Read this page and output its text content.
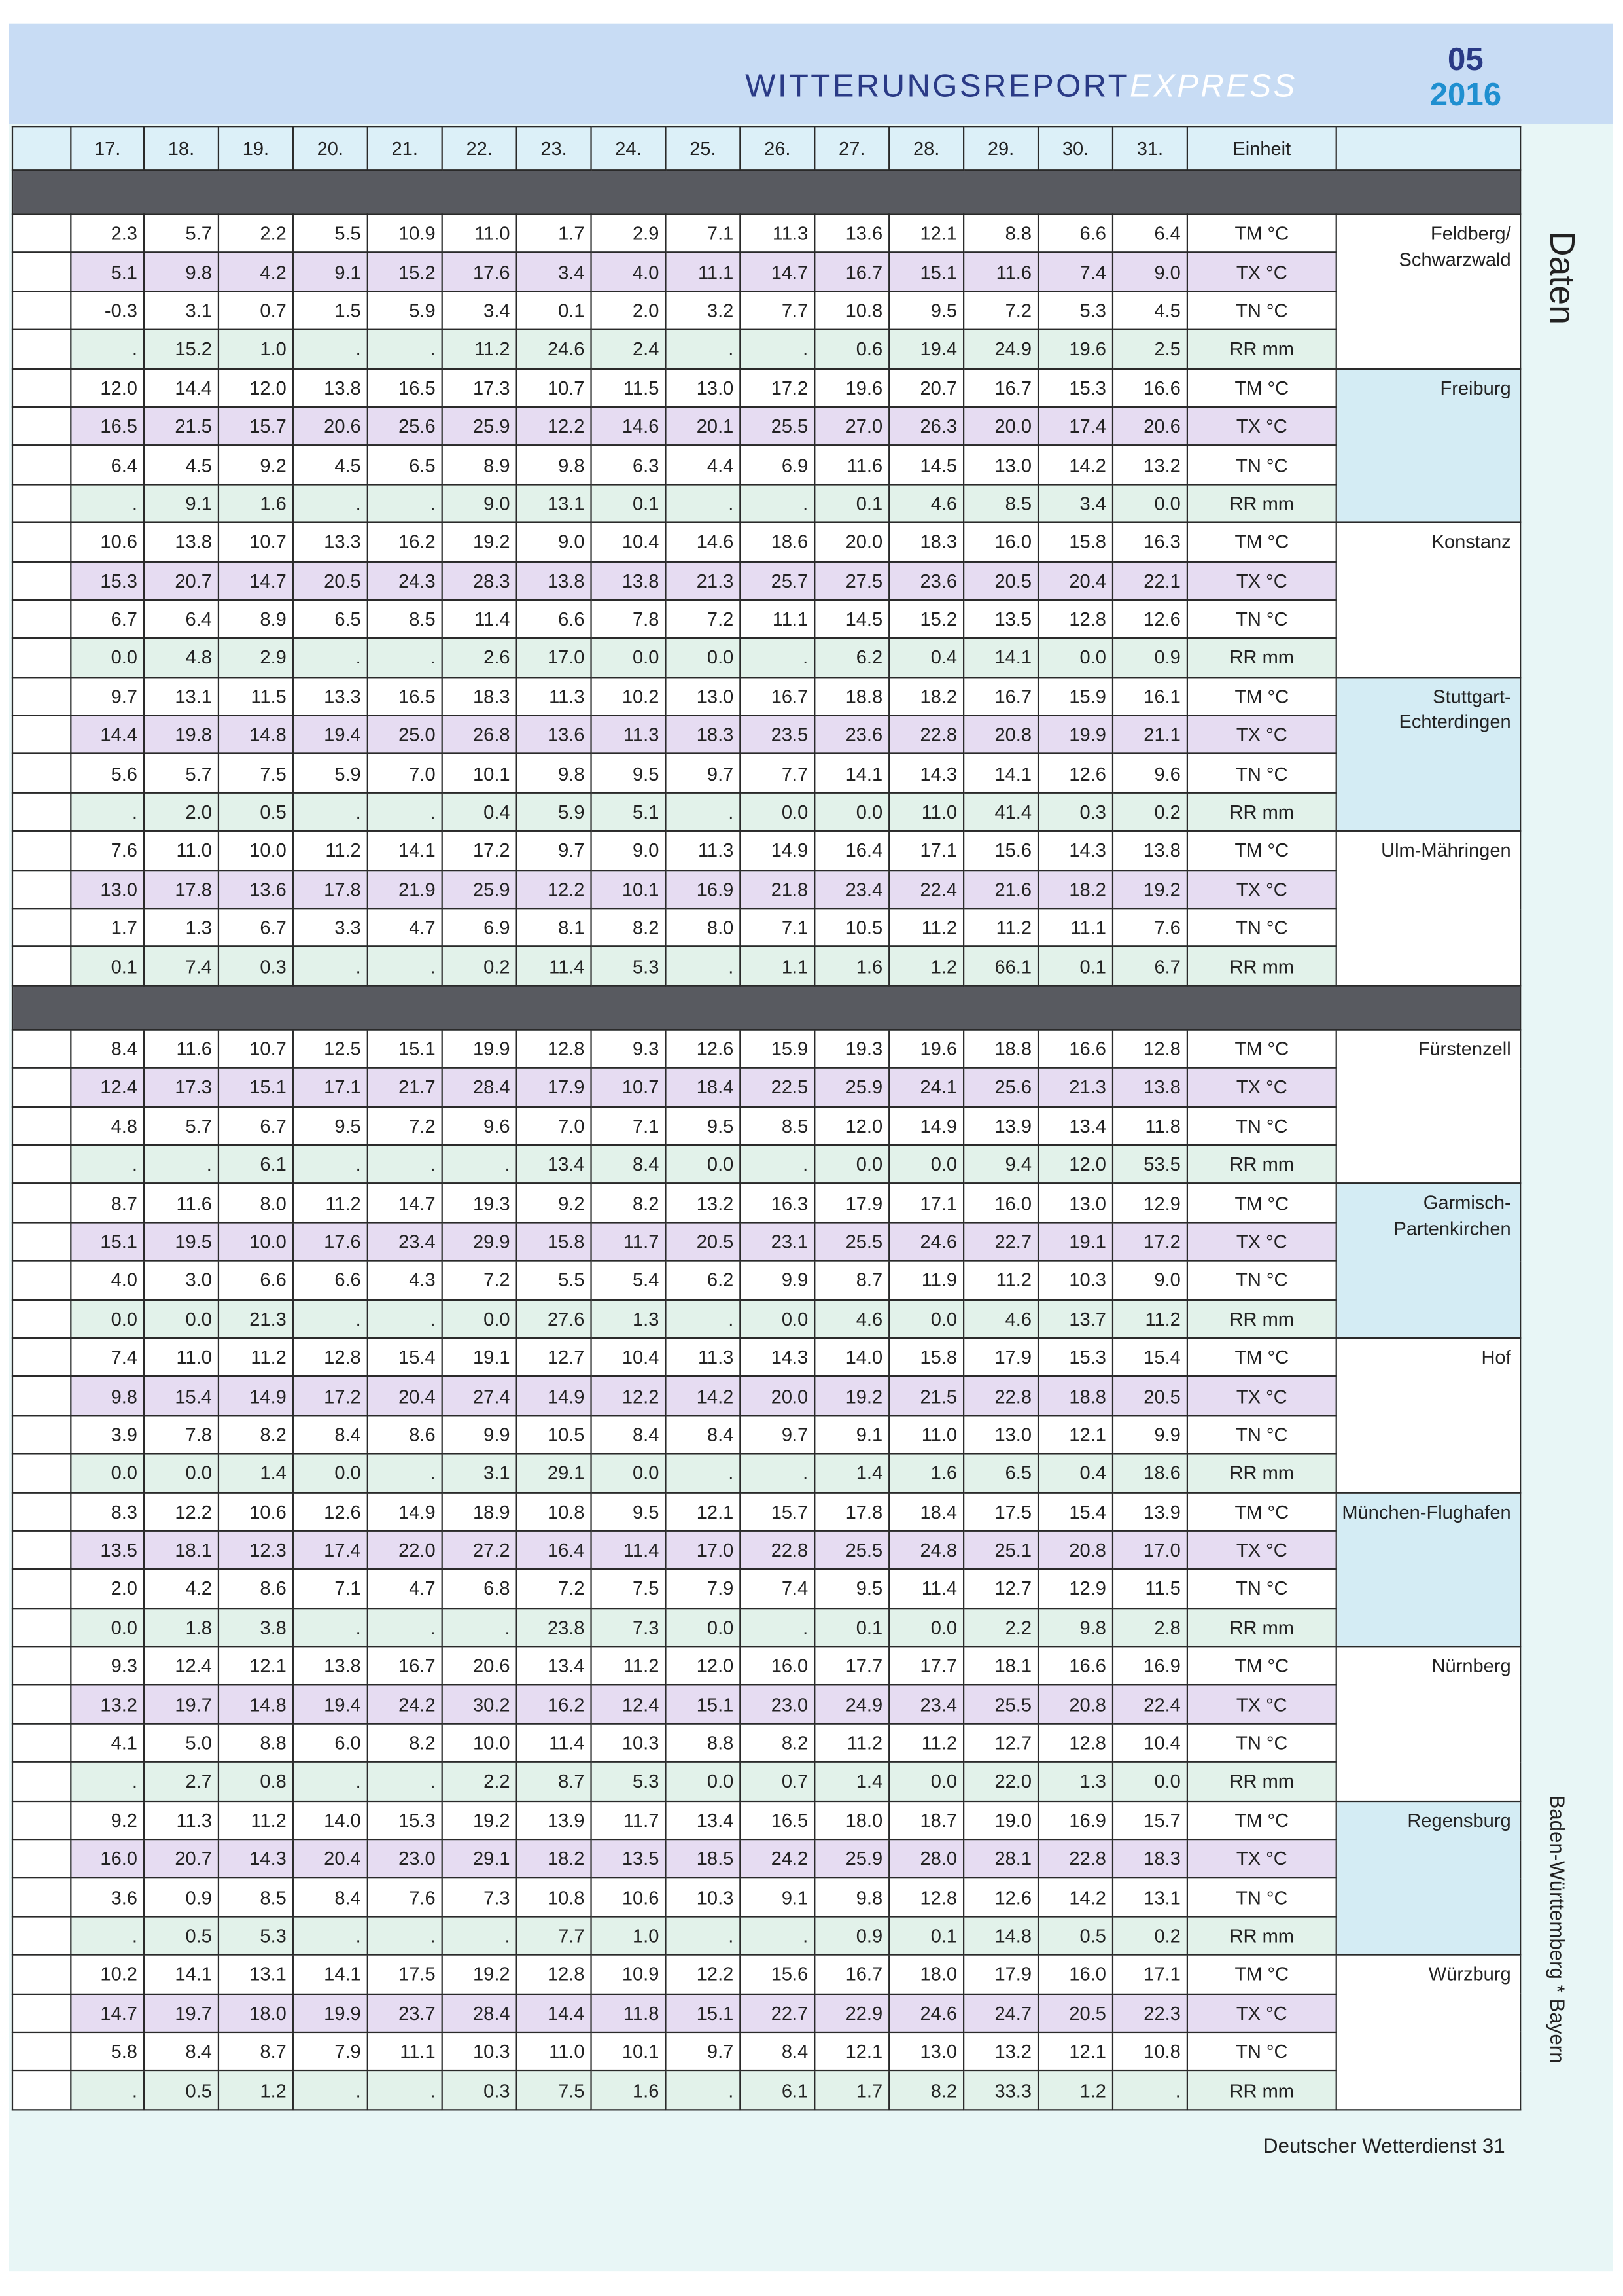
WITTERUNGSREPORTEXPRESS
05
2016
	17.	18.	19.	20.	21.	22.	23.	24.	25.	26.	27.	28.	29.	30.	31.	Einheit	

	2.3	5.7	2.2	5.5	10.9	11.0	1.7	2.9	7.1	11.3	13.6	12.1	8.8	6.6	6.4	TM °C	Feldberg/
Schwarzwald
	5.1	9.8	4.2	9.1	15.2	17.6	3.4	4.0	11.1	14.7	16.7	15.1	11.6	7.4	9.0	TX °C	
	-0.3	3.1	0.7	1.5	5.9	3.4	0.1	2.0	3.2	7.7	10.8	9.5	7.2	5.3	4.5	TN °C	
	.	15.2	1.0	.	.	11.2	24.6	2.4	.	.	0.6	19.4	24.9	19.6	2.5	RR mm	
	12.0	14.4	12.0	13.8	16.5	17.3	10.7	11.5	13.0	17.2	19.6	20.7	16.7	15.3	16.6	TM °C	Freiburg
	16.5	21.5	15.7	20.6	25.6	25.9	12.2	14.6	20.1	25.5	27.0	26.3	20.0	17.4	20.6	TX °C	
	6.4	4.5	9.2	4.5	6.5	8.9	9.8	6.3	4.4	6.9	11.6	14.5	13.0	14.2	13.2	TN °C	
	.	9.1	1.6	.	.	9.0	13.1	0.1	.	.	0.1	4.6	8.5	3.4	0.0	RR mm	
	10.6	13.8	10.7	13.3	16.2	19.2	9.0	10.4	14.6	18.6	20.0	18.3	16.0	15.8	16.3	TM °C	Konstanz
	15.3	20.7	14.7	20.5	24.3	28.3	13.8	13.8	21.3	25.7	27.5	23.6	20.5	20.4	22.1	TX °C	
	6.7	6.4	8.9	6.5	8.5	11.4	6.6	7.8	7.2	11.1	14.5	15.2	13.5	12.8	12.6	TN °C	
	0.0	4.8	2.9	.	.	2.6	17.0	0.0	0.0	.	6.2	0.4	14.1	0.0	0.9	RR mm	
	9.7	13.1	11.5	13.3	16.5	18.3	11.3	10.2	13.0	16.7	18.8	18.2	16.7	15.9	16.1	TM °C	Stuttgart-Echterdingen
	14.4	19.8	14.8	19.4	25.0	26.8	13.6	11.3	18.3	23.5	23.6	22.8	20.8	19.9	21.1	TX °C	
	5.6	5.7	7.5	5.9	7.0	10.1	9.8	9.5	9.7	7.7	14.1	14.3	14.1	12.6	9.6	TN °C	
	.	2.0	0.5	.	.	0.4	5.9	5.1	.	0.0	0.0	11.0	41.4	0.3	0.2	RR mm	
	7.6	11.0	10.0	11.2	14.1	17.2	9.7	9.0	11.3	14.9	16.4	17.1	15.6	14.3	13.8	TM °C	Ulm-Mähringen
	13.0	17.8	13.6	17.8	21.9	25.9	12.2	10.1	16.9	21.8	23.4	22.4	21.6	18.2	19.2	TX °C	
	1.7	1.3	6.7	3.3	4.7	6.9	8.1	8.2	8.0	7.1	10.5	11.2	11.2	11.1	7.6	TN °C	
	0.1	7.4	0.3	.	.	0.2	11.4	5.3	.	1.1	1.6	1.2	66.1	0.1	6.7	RR mm	

	8.4	11.6	10.7	12.5	15.1	19.9	12.8	9.3	12.6	15.9	19.3	19.6	18.8	16.6	12.8	TM °C	Fürstenzell
	12.4	17.3	15.1	17.1	21.7	28.4	17.9	10.7	18.4	22.5	25.9	24.1	25.6	21.3	13.8	TX °C	
	4.8	5.7	6.7	9.5	7.2	9.6	7.0	7.1	9.5	8.5	12.0	14.9	13.9	13.4	11.8	TN °C	
	.	.	6.1	.	.	.	13.4	8.4	0.0	.	0.0	0.0	9.4	12.0	53.5	RR mm	
	8.7	11.6	8.0	11.2	14.7	19.3	9.2	8.2	13.2	16.3	17.9	17.1	16.0	13.0	12.9	TM °C	Garmisch-
Partenkirchen
	15.1	19.5	10.0	17.6	23.4	29.9	15.8	11.7	20.5	23.1	25.5	24.6	22.7	19.1	17.2	TX °C	
	4.0	3.0	6.6	6.6	4.3	7.2	5.5	5.4	6.2	9.9	8.7	11.9	11.2	10.3	9.0	TN °C	
	0.0	0.0	21.3	.	.	0.0	27.6	1.3	.	0.0	4.6	0.0	4.6	13.7	11.2	RR mm	
	7.4	11.0	11.2	12.8	15.4	19.1	12.7	10.4	11.3	14.3	14.0	15.8	17.9	15.3	15.4	TM °C	Hof
	9.8	15.4	14.9	17.2	20.4	27.4	14.9	12.2	14.2	20.0	19.2	21.5	22.8	18.8	20.5	TX °C	
	3.9	7.8	8.2	8.4	8.6	9.9	10.5	8.4	8.4	9.7	9.1	11.0	13.0	12.1	9.9	TN °C	
	0.0	0.0	1.4	0.0	.	3.1	29.1	0.0	.	.	1.4	1.6	6.5	0.4	18.6	RR mm	
	8.3	12.2	10.6	12.6	14.9	18.9	10.8	9.5	12.1	15.7	17.8	18.4	17.5	15.4	13.9	TM °C	München-Flughafen
	13.5	18.1	12.3	17.4	22.0	27.2	16.4	11.4	17.0	22.8	25.5	24.8	25.1	20.8	17.0	TX °C	
	2.0	4.2	8.6	7.1	4.7	6.8	7.2	7.5	7.9	7.4	9.5	11.4	12.7	12.9	11.5	TN °C	
	0.0	1.8	3.8	.	.	.	23.8	7.3	0.0	.	0.1	0.0	2.2	9.8	2.8	RR mm	
	9.3	12.4	12.1	13.8	16.7	20.6	13.4	11.2	12.0	16.0	17.7	17.7	18.1	16.6	16.9	TM °C	Nürnberg
	13.2	19.7	14.8	19.4	24.2	30.2	16.2	12.4	15.1	23.0	24.9	23.4	25.5	20.8	22.4	TX °C	
	4.1	5.0	8.8	6.0	8.2	10.0	11.4	10.3	8.8	8.2	11.2	11.2	12.7	12.8	10.4	TN °C	
	.	2.7	0.8	.	.	2.2	8.7	5.3	0.0	0.7	1.4	0.0	22.0	1.3	0.0	RR mm	
	9.2	11.3	11.2	14.0	15.3	19.2	13.9	11.7	13.4	16.5	18.0	18.7	19.0	16.9	15.7	TM °C	Regensburg
	16.0	20.7	14.3	20.4	23.0	29.1	18.2	13.5	18.5	24.2	25.9	28.0	28.1	22.8	18.3	TX °C	
	3.6	0.9	8.5	8.4	7.6	7.3	10.8	10.6	10.3	9.1	9.8	12.8	12.6	14.2	13.1	TN °C	
	.	0.5	5.3	.	.	.	7.7	1.0	.	.	0.9	0.1	14.8	0.5	0.2	RR mm	
	10.2	14.1	13.1	14.1	17.5	19.2	12.8	10.9	12.2	15.6	16.7	18.0	17.9	16.0	17.1	TM °C	Würzburg
	14.7	19.7	18.0	19.9	23.7	28.4	14.4	11.8	15.1	22.7	22.9	24.6	24.7	20.5	22.3	TX °C	
	5.8	8.4	8.7	7.9	11.1	10.3	11.0	10.1	9.7	8.4	12.1	13.0	13.2	12.1	10.8	TN °C	
	.	0.5	1.2	.	.	0.3	7.5	1.6	.	6.1	1.7	8.2	33.3	1.2	.	RR mm	
Daten
Baden-Württemberg * Bayern
Deutscher Wetterdienst 31
